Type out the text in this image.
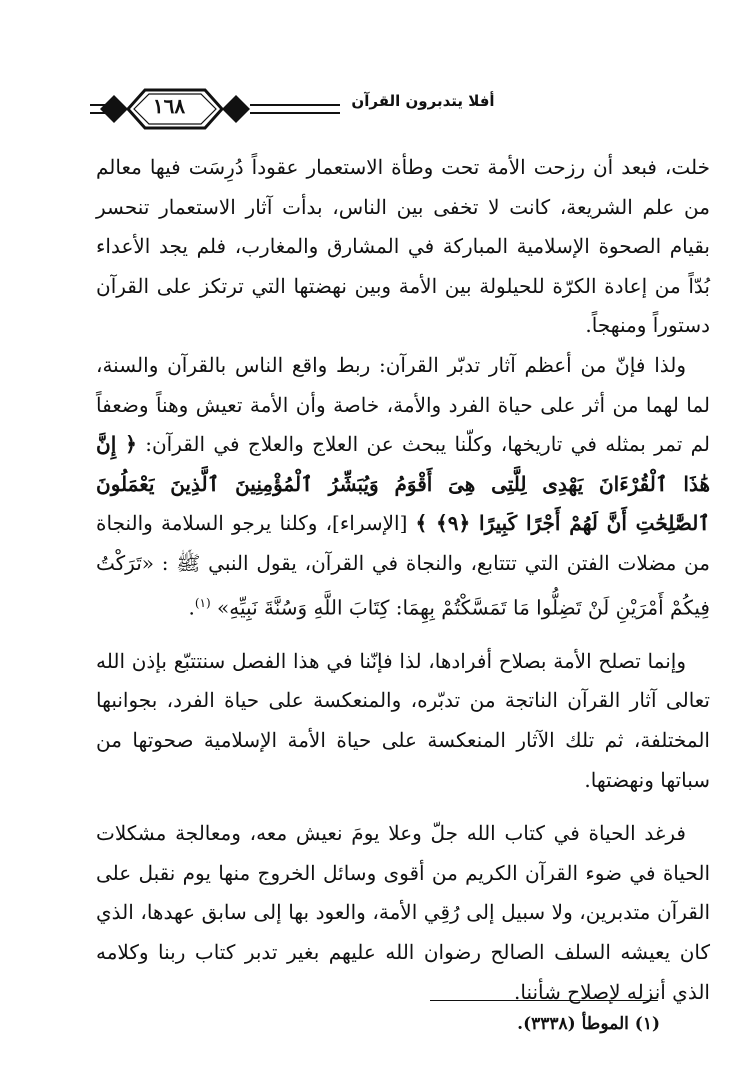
١٦٨	أفلا يتدبرون القرآن

خلت، فبعد أن رزحت الأمة تحت وطأة الاستعمار عقوداً دُرِسَت فيها معالم من علم الشريعة، كانت لا تخفى بين الناس، بدأت آثار الاستعمار تنحسر بقيام الصحوة الإسلامية المباركة في المشارق والمغارب، فلم يجد الأعداء بُدّاً من إعادة الكرّة للحيلولة بين الأمة وبين نهضتها التي ترتكز على القرآن دستوراً ومنهجاً.

ولذا فإنّ من أعظم آثار تدبّر القرآن: ربط واقع الناس بالقرآن والسنة، لما لهما من أثر على حياة الفرد والأمة، خاصة وأن الأمة تعيش وهناً وضعفاً لم تمر بمثله في تاريخها، وكلّنا يبحث عن العلاج والعلاج في القرآن: ﴿ إِنَّ هَٰذَا ٱلْقُرْءَانَ يَهْدِى لِلَّتِى هِىَ أَقْوَمُ وَيُبَشِّرُ ٱلْمُؤْمِنِينَ ٱلَّذِينَ يَعْمَلُونَ ٱلصَّٰلِحَٰتِ أَنَّ لَهُمْ أَجْرًا كَبِيرًا ﴿٩﴾ ﴾ [الإسراء]، وكلنا يرجو السلامة والنجاة من مضلات الفتن التي تتتابع، والنجاة في القرآن، يقول النبي ﷺ : «تَرَكْتُ فِيكُمْ أَمْرَيْنِ لَنْ تَضِلُّوا مَا تَمَسَّكْتُمْ بِهِمَا: كِتَابَ اللَّهِ وَسُنَّةَ نَبِيِّهِ» $^{(١)}$.

وإنما تصلح الأمة بصلاح أفرادها، لذا فإنّنا في هذا الفصل سنتتبّع بإذن الله تعالى آثار القرآن الناتجة من تدبّره، والمنعكسة على حياة الفرد، بجوانبها المختلفة، ثم تلك الآثار المنعكسة على حياة الأمة الإسلامية صحوتها من سباتها ونهضتها.

فرغد الحياة في كتاب الله جلّ وعلا يومَ نعيش معه، ومعالجة مشكلات الحياة في ضوء القرآن الكريم من أقوى وسائل الخروج منها يوم نقبل على القرآن متدبرين، ولا سبيل إلى رُقِي الأمة، والعود بها إلى سابق عهدها، الذي كان يعيشه السلف الصالح رضوان الله عليهم بغير تدبر كتاب ربنا وكلامه الذي أنزله لإصلاح شأننا.

(١) الموطأ (٣٣٣٨).
